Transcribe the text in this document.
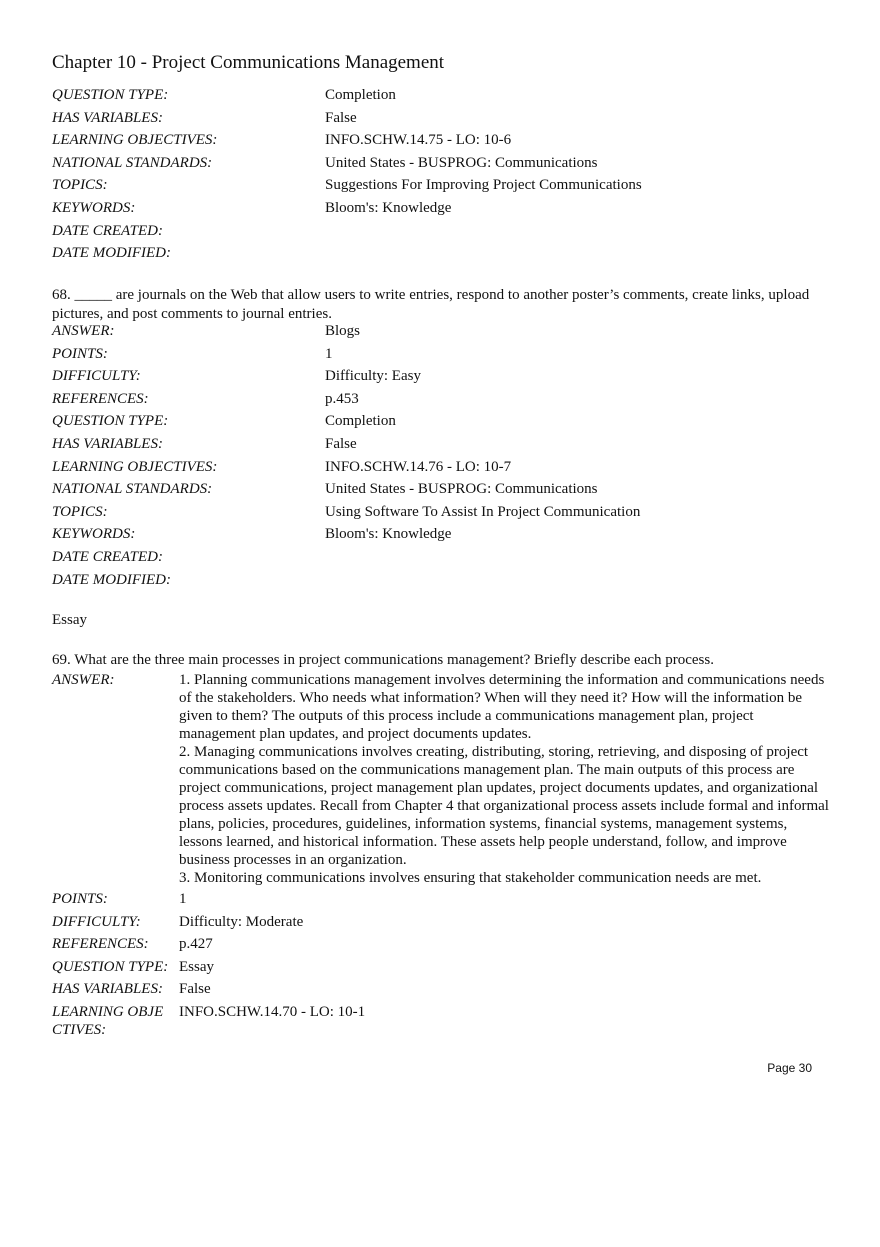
Chapter 10 - Project Communications Management
QUESTION TYPE:	Completion
HAS VARIABLES:	False
LEARNING OBJECTIVES:	INFO.SCHW.14.75 - LO: 10-6
NATIONAL STANDARDS:	United States - BUSPROG: Communications
TOPICS:	Suggestions For Improving Project Communications
KEYWORDS:	Bloom's: Knowledge
DATE CREATED:
DATE MODIFIED:
68. _____ are journals on the Web that allow users to write entries, respond to another poster’s comments, create links, upload pictures, and post comments to journal entries.
ANSWER:	Blogs
POINTS:	1
DIFFICULTY:	Difficulty: Easy
REFERENCES:	p.453
QUESTION TYPE:	Completion
HAS VARIABLES:	False
LEARNING OBJECTIVES:	INFO.SCHW.14.76 - LO: 10-7
NATIONAL STANDARDS:	United States - BUSPROG: Communications
TOPICS:	Using Software To Assist In Project Communication
KEYWORDS:	Bloom's: Knowledge
DATE CREATED:
DATE MODIFIED:
Essay
69. What are the three main processes in project communications management? Briefly describe each process.
ANSWER:	1. Planning communications management involves determining the information and communications needs of the stakeholders. Who needs what information? When will they need it? How will the information be given to them? The outputs of this process include a communications management plan, project management plan updates, and project documents updates.

2. Managing communications involves creating, distributing, storing, retrieving, and disposing of project communications based on the communications management plan. The main outputs of this process are project communications, project management plan updates, project documents updates, and organizational process assets updates. Recall from Chapter 4 that organizational process assets include formal and informal plans, policies, procedures, guidelines, information systems, financial systems, management systems, lessons learned, and historical information. These assets help people understand, follow, and improve business processes in an organization.

3. Monitoring communications involves ensuring that stakeholder communication needs are met.

POINTS:	1
DIFFICULTY:	Difficulty: Moderate
REFERENCES:	p.427
QUESTION TYPE: Essay
HAS VARIABLES:	False
LEARNING OBJE CTIVES:
INFO.SCHW.14.70 - LO: 10-1
Page 30
